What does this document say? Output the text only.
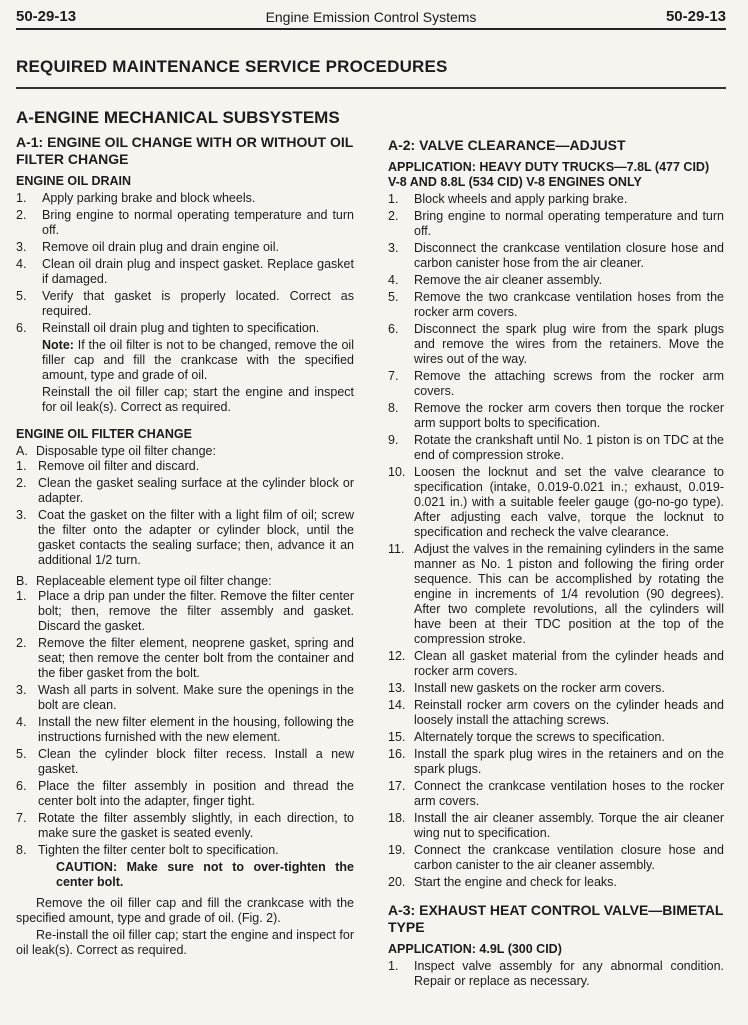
50-29-13	Engine Emission Control Systems	50-29-13
REQUIRED MAINTENANCE SERVICE PROCEDURES
A-ENGINE MECHANICAL SUBSYSTEMS
A-1: ENGINE OIL CHANGE WITH OR WITHOUT OIL FILTER CHANGE
ENGINE OIL DRAIN
1.	Apply parking brake and block wheels.
2.	Bring engine to normal operating temperature and turn off.
3.	Remove oil drain plug and drain engine oil.
4.	Clean oil drain plug and inspect gasket. Replace gasket if damaged.
5.	Verify that gasket is properly located. Correct as required.
6.	Reinstall oil drain plug and tighten to specification.

Note: If the oil filter is not to be changed, remove the oil filler cap and fill the crankcase with the specified amount, type and grade of oil.

Reinstall the oil filler cap; start the engine and inspect for oil leak(s). Correct as required.

ENGINE OIL FILTER CHANGE
A. Disposable type oil filter change:
1. Remove oil filter and discard.
2. Clean the gasket sealing surface at the cylinder block or adapter.
3. Coat the gasket on the filter with a light film of oil; screw the filter onto the adapter or cylinder block, until the gasket contacts the sealing surface; then, advance it an additional 1/2 turn.
B. Replaceable element type oil filter change:
1. Place a drip pan under the filter. Remove the filter center bolt; then, remove the filter assembly and gasket. Discard the gasket.
2. Remove the filter element, neoprene gasket, spring and seat; then remove the center bolt from the container and the fiber gasket from the bolt.
3. Wash all parts in solvent. Make sure the openings in the bolt are clean.
4. Install the new filter element in the housing, following the instructions furnished with the new element.
5. Clean the cylinder block filter recess. Install a new gasket.
6. Place the filter assembly in position and thread the center bolt into the adapter, finger tight.
7. Rotate the filter assembly slightly, in each direction, to make sure the gasket is seated evenly.
8. Tighten the filter center bolt to specification.

CAUTION: Make sure not to over-tighten the center bolt.

Remove the oil filler cap and fill the crankcase with the specified amount, type and grade of oil. (Fig. 2).

Re-install the oil filler cap; start the engine and inspect for oil leak(s). Correct as required.

A-2: VALVE CLEARANCE—ADJUST

APPLICATION: HEAVY DUTY TRUCKS—7.8L (477 CID) V-8 AND 8.8L (534 CID) V-8 ENGINES ONLY

1.	Block wheels and apply parking brake.
2.	Bring engine to normal operating temperature and turn off.
3.	Disconnect the crankcase ventilation closure hose and carbon canister hose from the air cleaner.
4.	Remove the air cleaner assembly.
5.	Remove the two crankcase ventilation hoses from the rocker arm covers.
6.	Disconnect the spark plug wire from the spark plugs and remove the wires from the retainers. Move the wires out of the way.
7.	Remove the attaching screws from the rocker arm covers.
8.	Remove the rocker arm covers then torque the rocker arm support bolts to specification.
9.	Rotate the crankshaft until No. 1 piston is on TDC at the end of compression stroke.
10. Loosen the locknut and set the valve clearance to specification (intake, 0.019-0.021 in.; exhaust, 0.019-0.021 in.) with a suitable feeler gauge (go-no-go type). After adjusting each valve, torque the locknut to specification and recheck the valve clearance.
11. Adjust the valves in the remaining cylinders in the same manner as No. 1 piston and following the firing order sequence. This can be accomplished by rotating the engine in increments of 1/4 revolution (90 degrees). After two complete revolutions, all the cylinders will have been at their TDC position at the top of the compression stroke.
12. Clean all gasket material from the cylinder heads and rocker arm covers.
13. Install new gaskets on the rocker arm covers.
14. Reinstall rocker arm covers on the cylinder heads and loosely install the attaching screws.
15. Alternately torque the screws to specification.
16. Install the spark plug wires in the retainers and on the spark plugs.
17. Connect the crankcase ventilation hoses to the rocker arm covers.
18. Install the air cleaner assembly. Torque the air cleaner wing nut to specification.
19. Connect the crankcase ventilation closure hose and carbon canister to the air cleaner assembly.
20. Start the engine and check for leaks.
A-3: EXHAUST HEAT CONTROL VALVE—BIMETAL TYPE

APPLICATION: 4.9L (300 CID)

1.	Inspect valve assembly for any abnormal condition. Repair or replace as necessary.
